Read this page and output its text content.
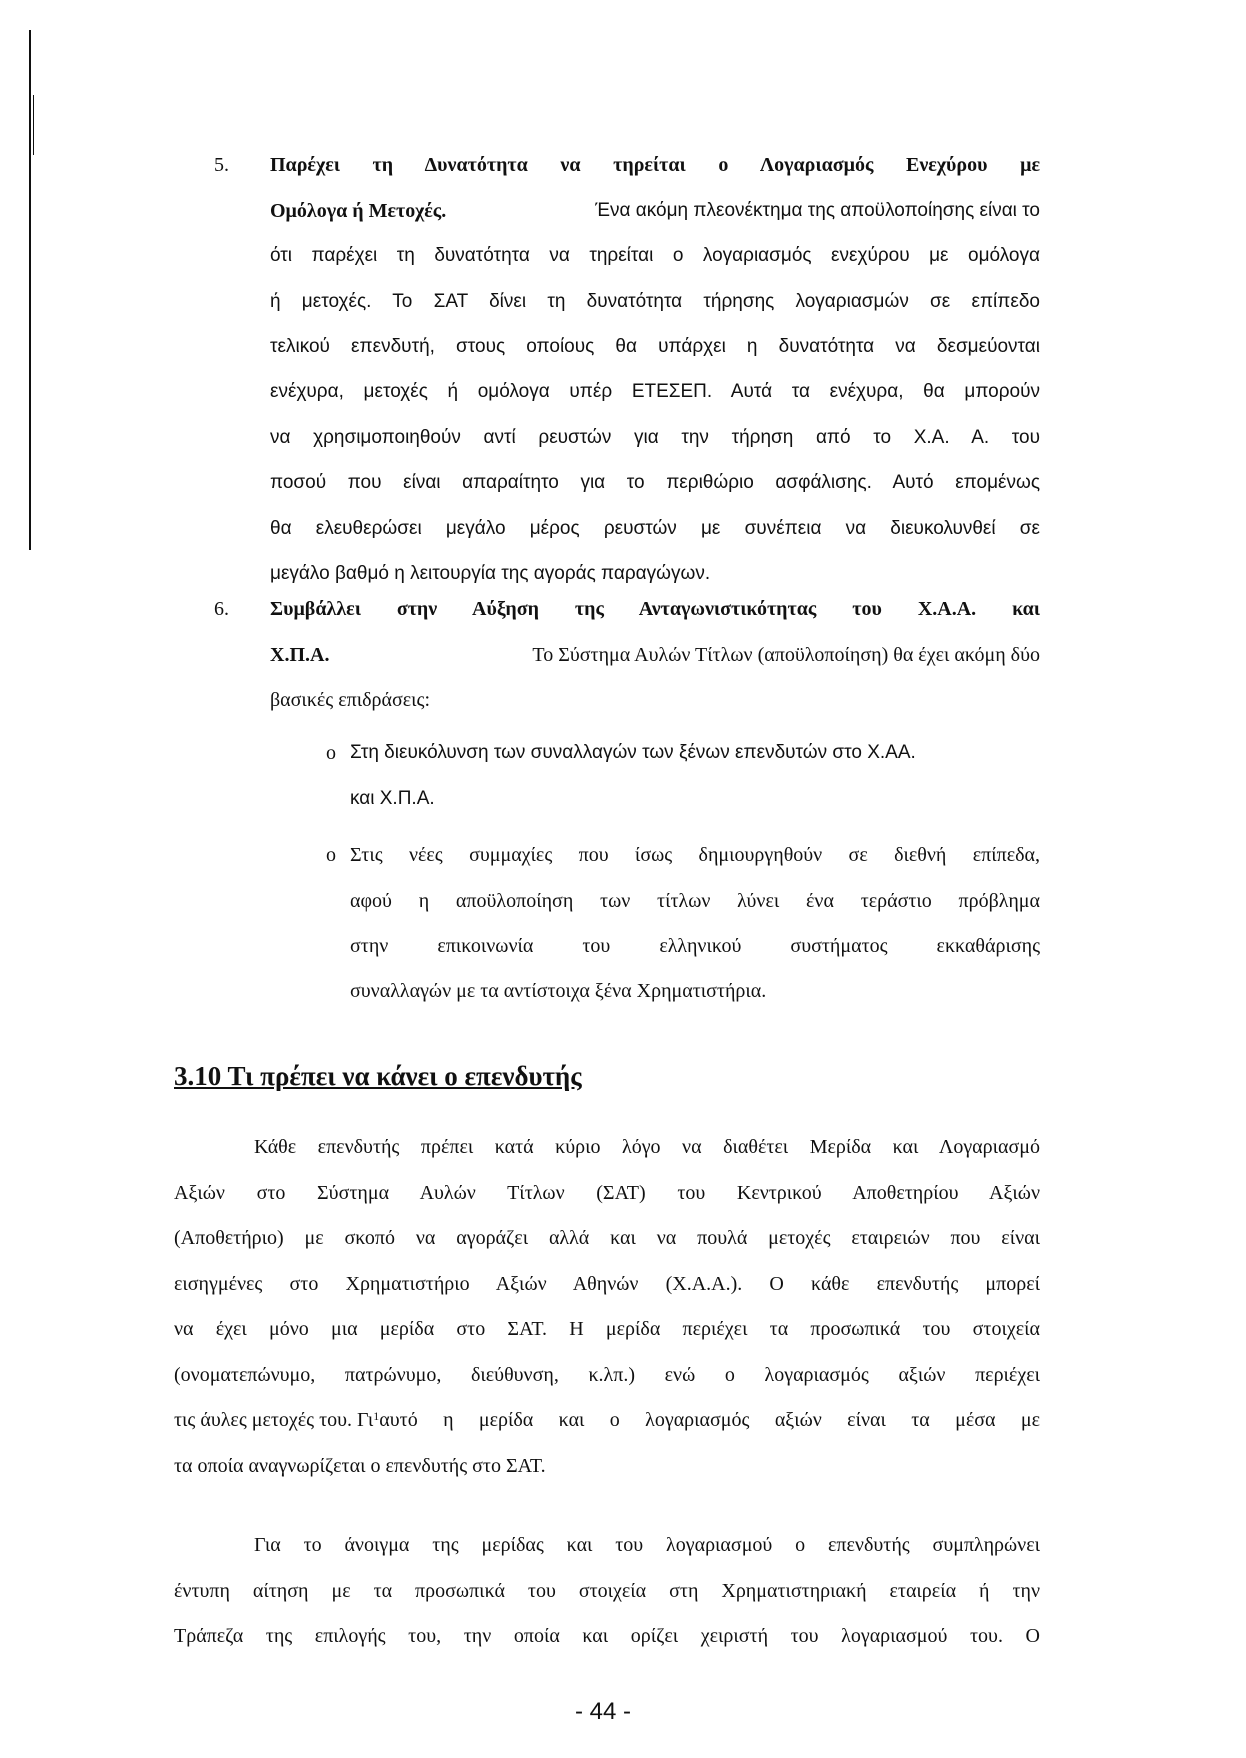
5. Παρέχει τη Δυνατότητα να τηρείται ο Λογαριασμός Ενεχύρου με
Ομόλογα ή Μετοχές.	Ένα ακόμη πλεονέκτημα της αποϋλοποίησης είναι το
ότι παρέχει τη δυνατότητα να τηρείται ο λογαριασμός ενεχύρου με ομόλογα
ή μετοχές. Το ΣΑΤ δίνει τη δυνατότητα τήρησης λογαριασμών σε επίπεδο
τελικού επενδυτή, στους οποίους θα υπάρχει η δυνατότητα να δεσμεύονται
ενέχυρα, μετοχές ή ομόλογα υπέρ ΕΤΕΣΕΠ. Αυτά τα ενέχυρα, θα μπορούν
να χρησιμοποιηθούν αντί ρευστών για την τήρηση από το Χ.Α. Α. του
ποσού που είναι απαραίτητο για το περιθώριο ασφάλισης. Αυτό επομένως
θα ελευθερώσει μεγάλο μέρος ρευστών με συνέπεια να διευκολυνθεί σε
μεγάλο βαθμό η λειτουργία της αγοράς παραγώγων.
6. Συμβάλλει στην Αύξηση της Ανταγωνιστικότητας του Χ.Α.Α. και
Χ.Π.Α.	Το Σύστημα Αυλών Τίτλων (αποϋλοποίηση) θα έχει ακόμη δύο
βασικές επιδράσεις:
o Στη διευκόλυνση των συναλλαγών των ξένων επενδυτών στο Χ.ΑΑ.
και Χ.Π.Α.
o Στις νέες συμμαχίες που ίσως δημιουργηθούν σε διεθνή επίπεδα,
αφού η αποϋλοποίηση των τίτλων λύνει ένα τεράστιο πρόβλημα
στην επικοινωνία του ελληνικού συστήματος εκκαθάρισης
συναλλαγών με τα αντίστοιχα ξένα Χρηματιστήρια.
3.10 Τι πρέπει να κάνει ο επενδυτής
Κάθε επενδυτής πρέπει κατά κύριο λόγο να διαθέτει Μερίδα και Λογαριασμό
Αξιών στο Σύστημα Αυλών Τίτλων (ΣΑΤ) του Κεντρικού Αποθετηρίου Αξιών
(Αποθετήριο) με σκοπό να αγοράζει αλλά και να πουλά μετοχές εταιρειών που είναι
εισηγμένες στο Χρηματιστήριο Αξιών Αθηνών (Χ.Α.Α.). Ο κάθε επενδυτής μπορεί
να έχει μόνο μια μερίδα στο ΣΑΤ. Η μερίδα περιέχει τα προσωπικά του στοιχεία
(ονοματεπώνυμο, πατρώνυμο, διεύθυνση, κ.λπ.) ενώ ο λογαριασμός αξιών περιέχει
τις άυλες μετοχές του. Γι 1 αυτό η μερίδα και ο λογαριασμός αξιών είναι τα μέσα με
τα οποία αναγνωρίζεται ο επενδυτής στο ΣΑΤ.
Για το άνοιγμα της μερίδας και του λογαριασμού ο επενδυτής συμπληρώνει
έντυπη αίτηση με τα προσωπικά του στοιχεία στη Χρηματιστηριακή εταιρεία ή την
Τράπεζα της επιλογής του, την οποία και ορίζει χειριστή του λογαριασμού του. Ο
- 44 -
